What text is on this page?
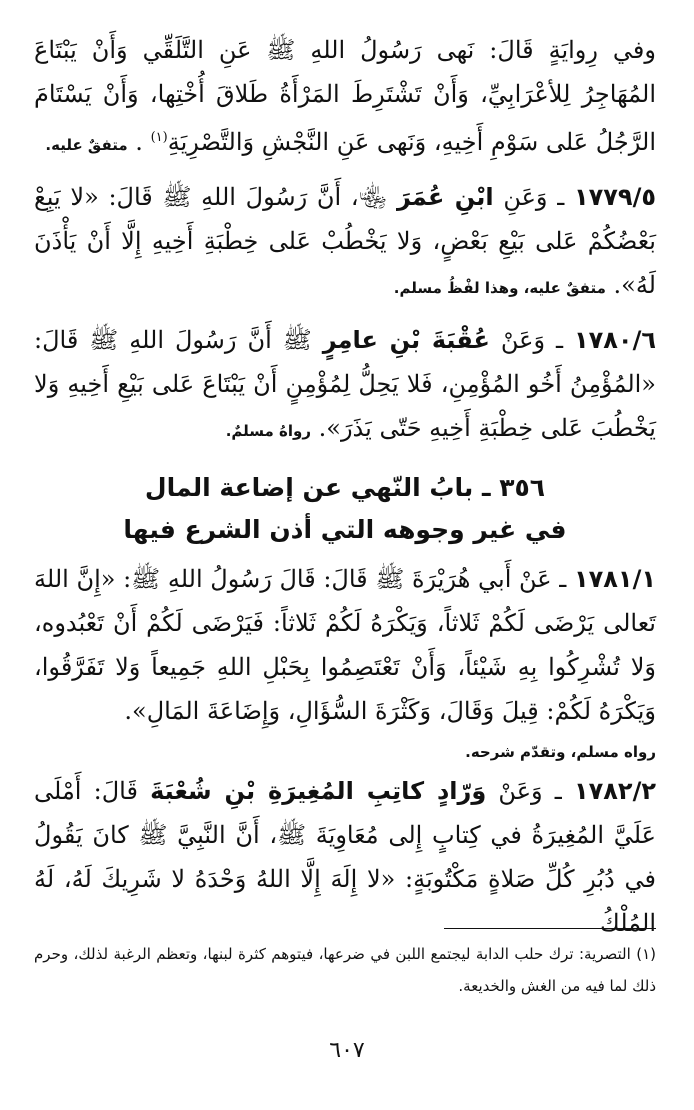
وفي رِوايَةٍ قَالَ: نَهى رَسُولُ اللهِ ﷺ عَنِ التَّلَقِّي وَأَنْ يَبْتَاعَ المُهَاجِرُ لِلأعْرَابِيِّ، وَأَنْ تَشْتَرِطَ المَرْأَةُ طَلاقَ أُخْتِها، وَأَنْ يَسْتَامَ الرَّجُلُ عَلى سَوْمِ أَخِيهِ، وَنَهى عَنِ النَّجْشِ وَالتَّصْرِيَةِ$^{(١)}$ . متفقٌ عليه.

١٧٧٩/٥ ـ وَعَنِ ابْنِ عُمَرَ ﵄، أَنَّ رَسُولَ اللهِ ﷺ قَالَ: «لا يَبِعْ بَعْضُكُمْ عَلى بَيْعِ بَعْضٍ، وَلا يَخْطُبْ عَلى خِطْبَةِ أَخِيهِ إِلَّا أَنْ يَأْذَنَ لَهُ». متفقٌ عليه، وهذا لفْظُ مسلم.

١٧٨٠/٦ ـ وَعَنْ عُقْبَةَ بْنِ عامِرٍ ﷺ أَنَّ رَسُولَ اللهِ ﷺ قَالَ: «المُؤْمِنُ أَخُو المُؤْمِنِ، فَلا يَحِلُّ لِمُؤْمِنٍ أَنْ يَبْتَاعَ عَلى بَيْعِ أَخِيهِ وَلا يَخْطُبَ عَلى خِطْبَةِ أَخِيهِ حَتّى يَذَرَ». رواهُ مسلمٌ.

٣٥٦ ـ بابُ النّهي عن إضاعة المال
في غير وجوهه التي أذن الشرع فيها

١٧٨١/١ ـ عَنْ أَبي هُرَيْرَةَ ﷺ قَالَ: قَالَ رَسُولُ اللهِ ﷺ: «إِنَّ اللهَ تَعالى يَرْضَى لَكُمْ ثَلاثاً، وَيَكْرَهُ لَكُمْ ثَلاثاً: فَيَرْضَى لَكُمْ أَنْ تَعْبُدوه، وَلا تُشْرِكُوا بِهِ شَيْئاً، وَأَنْ تَعْتَصِمُوا بِحَبْلِ اللهِ جَمِيعاً وَلا تَفَرَّقُوا، وَيَكْرَهُ لَكُمْ: قِيلَ وَقَالَ، وَكَثْرَةَ السُّؤَالِ، وَإِضَاعَةَ المَالِ».

رواه مسلم، وتقدّم شرحه.

١٧٨٢/٢ ـ وَعَنْ وَرّادٍ كاتِبِ المُغِيرَةِ بْنِ شُعْبَةَ قَالَ: أَمْلَى عَلَيَّ المُغِيرَةُ في كِتابٍ إِلى مُعَاوِيَةَ ﷺ، أَنَّ النَّبِيَّ ﷺ كانَ يَقُولُ في دُبُرِ كُلِّ صَلاةٍ مَكْتُوبَةٍ: «لا إِلَهَ إِلَّا اللهُ وَحْدَهُ لا شَرِيكَ لَهُ، لَهُ المُلْكُ

(١) التصرية: ترك حلب الدابة ليجتمع اللبن في ضرعها، فيتوهم كثرة لبنها، وتعظم الرغبة لذلك، وحرم ذلك لما فيه من الغش والخديعة.
٦٠٧
